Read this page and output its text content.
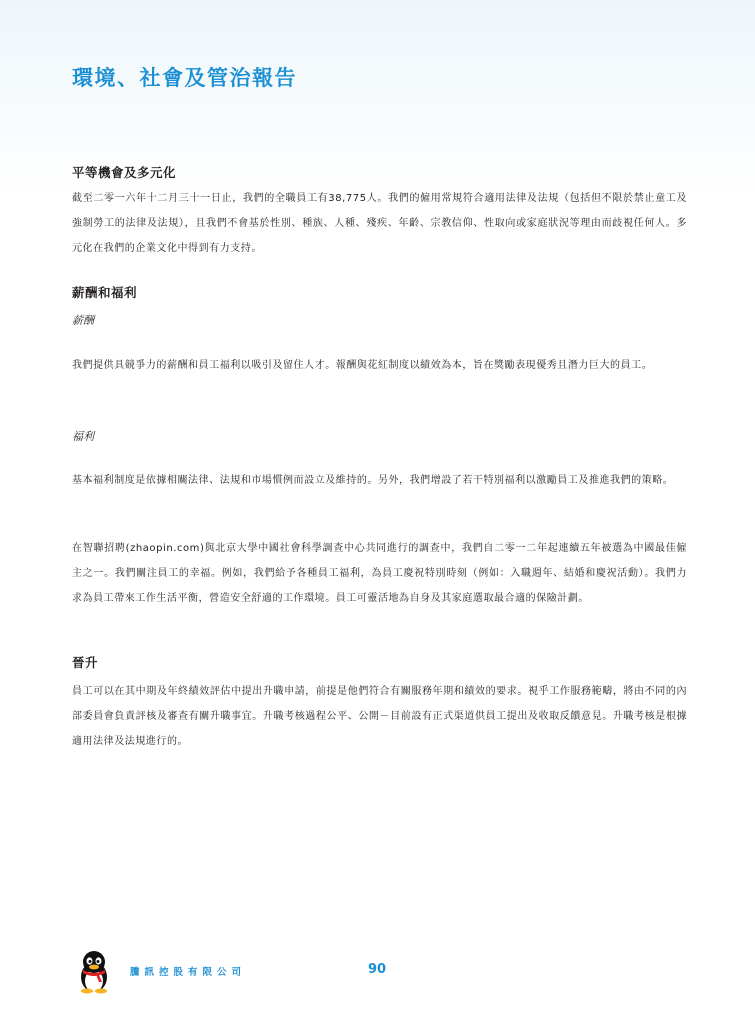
環境、社會及管治報告
平等機會及多元化

截至二零一六年十二月三十一日止，我們的全職員工有38,775人。我們的僱用常規符合適用法律及法規（包括但不限於禁止童工及強制勞工的法律及法規），且我們不會基於性別、種族、人種、殘疾、年齡、宗教信仰、性取向或家庭狀況等理由而歧視任何人。多元化在我們的企業文化中得到有力支持。

薪酬和福利
薪酬

我們提供具競爭力的薪酬和員工福利以吸引及留住人才。報酬與花紅制度以績效為本，旨在獎勵表現優秀且潛力巨大的員工。

福利

基本福利制度是依據相關法律、法規和市場慣例而設立及維持的。另外，我們增設了若干特別福利以激勵員工及推進我們的策略。

在智聯招聘(zhaopin.com)與北京大學中國社會科學調查中心共同進行的調查中，我們自二零一二年起連續五年被選為中國最佳僱主之一。我們關注員工的幸福。例如，我們給予各種員工福利，為員工慶祝特別時刻（例如：入職週年、結婚和慶祝活動）。我們力求為員工帶來工作生活平衡，營造安全舒適的工作環境。員工可靈活地為自身及其家庭選取最合適的保險計劃。

晉升

員工可以在其中期及年終績效評估中提出升職申請，前提是他們符合有關服務年期和績效的要求。視乎工作服務範疇，將由不同的內部委員會負責評核及審查有關升職事宜。升職考核過程公平、公開－目前設有正式渠道供員工提出及收取反饋意見。升職考核是根據適用法律及法規進行的。

騰訊控股有限公司	90
